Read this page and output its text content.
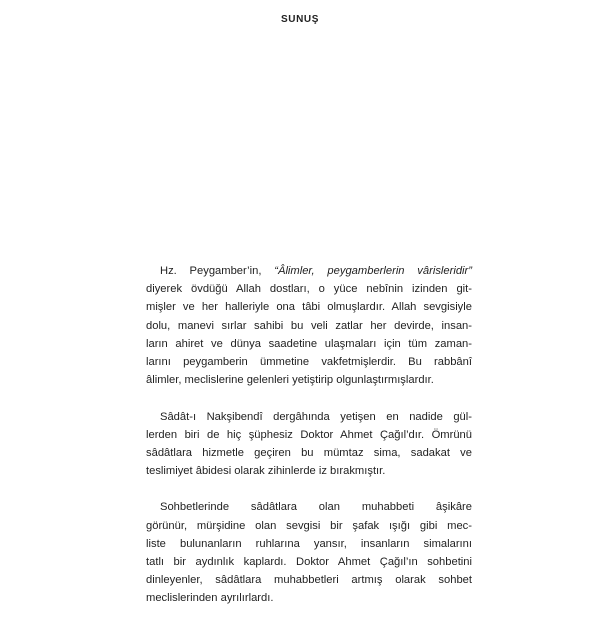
SUNUŞ
Hz. Peygamber’in, “Âlimler, peygamberlerin vârisleridir”
diyerek övdüğü Allah dostları, o yüce nebînin izinden git-
mişler ve her halleriyle ona tâbi olmuşlardır. Allah sevgisiyle
dolu, manevi sırlar sahibi bu veli zatlar her devirde, insan-
ların ahiret ve dünya saadetine ulaşmaları için tüm zaman-
larını peygamberin ümmetine vakfetmişlerdir. Bu rabbânî
âlimler, meclislerine gelenleri yetiştirip olgunlaştırmışlardır.
Sâdât-ı Nakşibendî dergâhında yetişen en nadide gül-
lerden biri de hiç şüphesiz Doktor Ahmet Çağıl’dır. Ömrünü
sâdâtlara hizmetle geçiren bu mümtaz sima, sadakat ve
teslimiyet âbidesi olarak zihinlerde iz bırakmıştır.
Sohbetlerinde sâdâtlara olan muhabbeti âşikâre
görünür, mürşidine olan sevgisi bir şafak ışığı gibi mec-
liste bulunanların ruhlarına yansır, insanların simalarını
tatlı bir aydınlık kaplardı. Doktor Ahmet Çağıl’ın sohbetini
dinleyenler, sâdâtlara muhabbetleri artmış olarak sohbet
meclislerinden ayrılırlardı.
